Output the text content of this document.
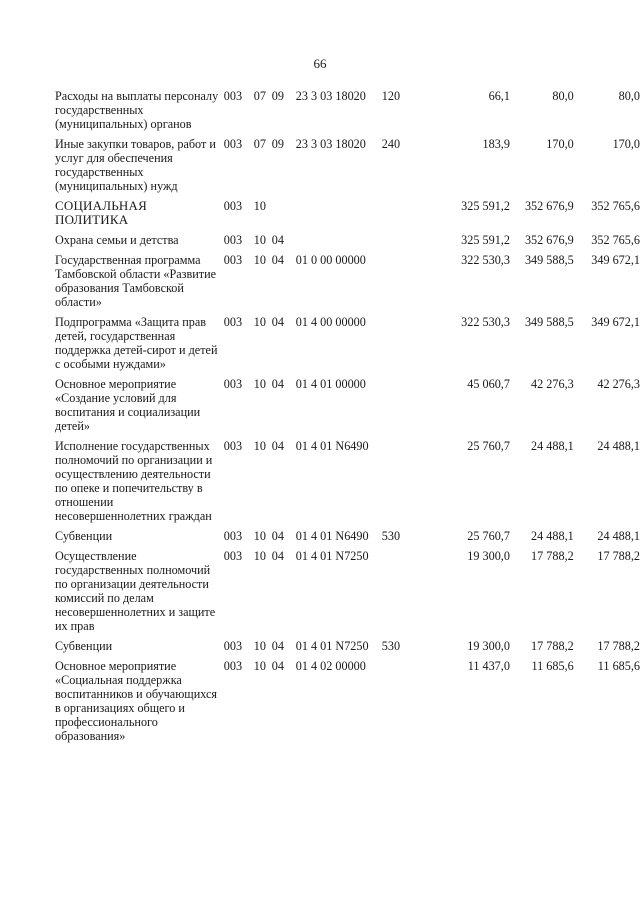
66
Расходы на выплаты персоналу государственных (муниципальных) органов	003 07 09 23 3 03 18020 120	66,1	80,0	80,0
Иные закупки товаров, работ и услуг для обеспечения государственных (муниципальных) нужд	003 07 09 23 3 03 18020 240	183,9	170,0	170,0
СОЦИАЛЬНАЯ ПОЛИТИКА	003 10	325 591,2	352 676,9	352 765,6
Охрана семьи и детства	003 10 04	325 591,2	352 676,9	352 765,6
Государственная программа Тамбовской области «Развитие образования Тамбовской области»	003 10 04 01 0 00 00000	322 530,3	349 588,5	349 672,1
Подпрограмма «Защита прав детей, государственная поддержка детей-сирот и детей с особыми нуждами»	003 10 04 01 4 00 00000	322 530,3	349 588,5	349 672,1
Основное мероприятие «Создание условий для воспитания и социализации детей»	003 10 04 01 4 01 00000	45 060,7	42 276,3	42 276,3
Исполнение государственных полномочий по организации и осуществлению деятельности по опеке и попечительству в отношении несовершеннолетних граждан	003 10 04 01 4 01 N6490	25 760,7	24 488,1	24 488,1
Субвенции	003 10 04 01 4 01 N6490 530	25 760,7	24 488,1	24 488,1
Осуществление государственных полномочий по организации деятельности комиссий по делам несовершеннолетних и защите их прав	003 10 04 01 4 01 N7250	19 300,0	17 788,2	17 788,2
Субвенции	003 10 04 01 4 01 N7250 530	19 300,0	17 788,2	17 788,2
Основное мероприятие «Социальная поддержка воспитанников и обучающихся в организациях общего и профессионального образования»	003 10 04 01 4 02 00000	11 437,0	11 685,6	11 685,6
